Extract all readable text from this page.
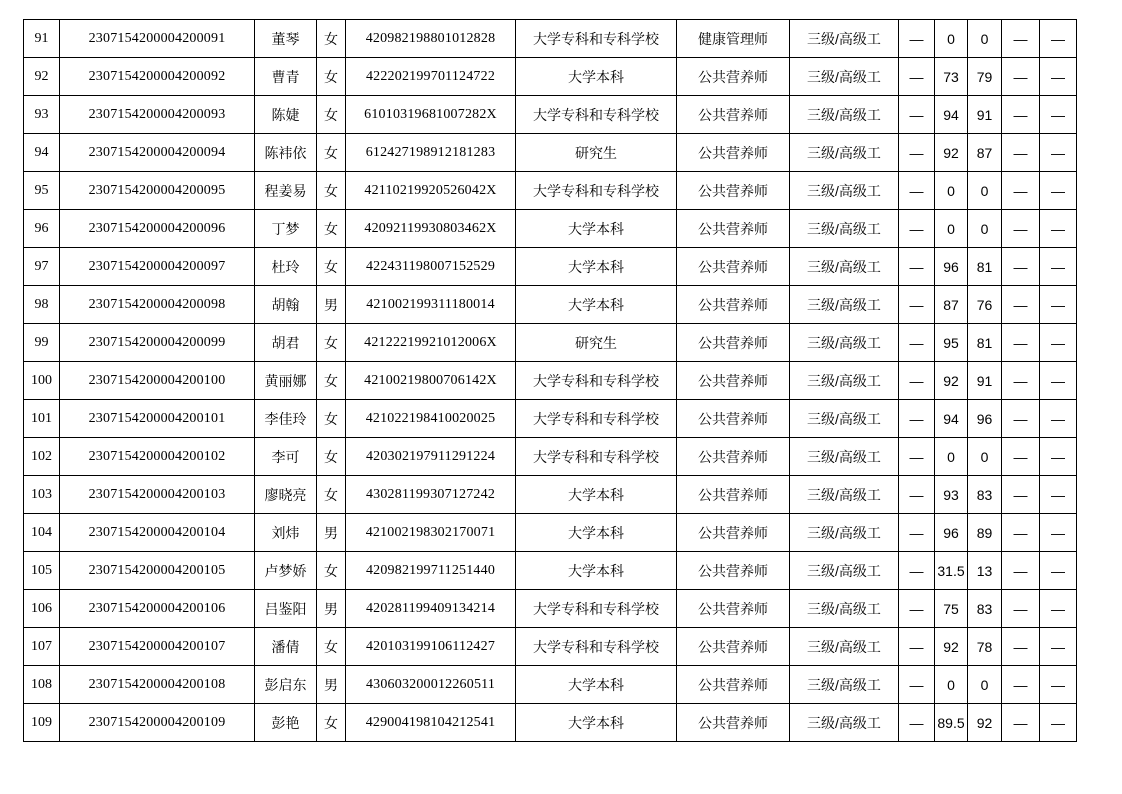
91	2307154200004200091	董琴	女	420982198801012828	大学专科和专科学校	健康管理师	三级/高级工	—	0	0	—	—
92	2307154200004200092	曹青	女	422202199701124722	大学本科	公共营养师	三级/高级工	—	73	79	—	—
93	2307154200004200093	陈婕	女	61010319681007282X	大学专科和专科学校	公共营养师	三级/高级工	—	94	91	—	—
94	2307154200004200094	陈袆依	女	612427198912181283	研究生	公共营养师	三级/高级工	—	92	87	—	—
95	2307154200004200095	程姜易	女	42110219920526042X	大学专科和专科学校	公共营养师	三级/高级工	—	0	0	—	—
96	2307154200004200096	丁梦	女	42092119930803462X	大学本科	公共营养师	三级/高级工	—	0	0	—	—
97	2307154200004200097	杜玲	女	422431198007152529	大学本科	公共营养师	三级/高级工	—	96	81	—	—
98	2307154200004200098	胡翰	男	421002199311180014	大学本科	公共营养师	三级/高级工	—	87	76	—	—
99	2307154200004200099	胡君	女	42122219921012006X	研究生	公共营养师	三级/高级工	—	95	81	—	—
100	2307154200004200100	黄丽娜	女	42100219800706142X	大学专科和专科学校	公共营养师	三级/高级工	—	92	91	—	—
101	2307154200004200101	李佳玲	女	421022198410020025	大学专科和专科学校	公共营养师	三级/高级工	—	94	96	—	—
102	2307154200004200102	李可	女	420302197911291224	大学专科和专科学校	公共营养师	三级/高级工	—	0	0	—	—
103	2307154200004200103	廖晓亮	女	430281199307127242	大学本科	公共营养师	三级/高级工	—	93	83	—	—
104	2307154200004200104	刘炜	男	421002198302170071	大学本科	公共营养师	三级/高级工	—	96	89	—	—
105	2307154200004200105	卢梦娇	女	420982199711251440	大学本科	公共营养师	三级/高级工	—	31.5	13	—	—
106	2307154200004200106	吕鉴阳	男	420281199409134214	大学专科和专科学校	公共营养师	三级/高级工	—	75	83	—	—
107	2307154200004200107	潘倩	女	420103199106112427	大学专科和专科学校	公共营养师	三级/高级工	—	92	78	—	—
108	2307154200004200108	彭启东	男	430603200012260511	大学本科	公共营养师	三级/高级工	—	0	0	—	—
109	2307154200004200109	彭艳	女	429004198104212541	大学本科	公共营养师	三级/高级工	—	89.5	92	—	—
